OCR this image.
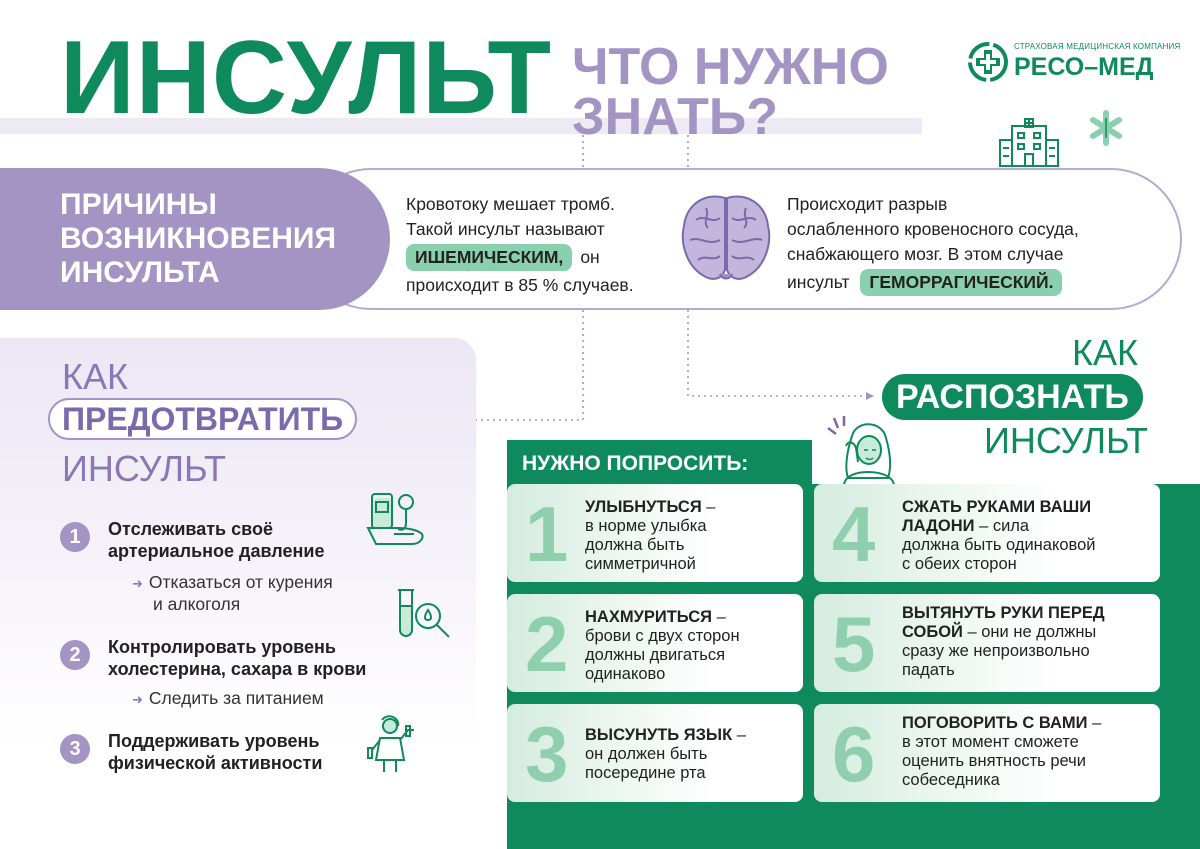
ИНСУЛЬТ ЧТО НУЖНО
ЗНАТЬ?
СТРАХОВАЯ МЕДИЦИНСКАЯ КОМПАНИЯ
РЕСО–МЕД
ПРИЧИНЫ
ВОЗНИКНОВЕНИЯ
ИНСУЛЬТА
Кровотоку мешает тромб.
Такой инсульт называют
ИШЕМИЧЕСКИМ, он
происходит в 85 % случаев.
Происходит разрыв
ослабленного кровеносного сосуда,
снабжающего мозг. В этом случае
инсульт ГЕМОРРАГИЧЕСКИЙ.
КАК
ПРЕДОТВРАТИТЬ
ИНСУЛЬТ
1	Отслеживать своё
артериальное давление
➜ Отказаться от курения
и алкоголя
2	Контролировать уровень
холестерина, сахара в крови
➜ Следить за питанием
3	Поддерживать уровень
физической активности
КАК
РАСПОЗНАТЬ
ИНСУЛЬТ
НУЖНО ПОПРОСИТЬ:
1 УЛЫБНУТЬСЯ –
в норме улыбка
должна быть
симметричной
2 НАХМУРИТЬСЯ –
брови с двух сторон
должны двигаться
одинаково
3 ВЫСУНУТЬ ЯЗЫК –
он должен быть
посередине рта
4 СЖАТЬ РУКАМИ ВАШИ
ЛАДОНИ – сила
должна быть одинаковой
с обеих сторон
5 ВЫТЯНУТЬ РУКИ ПЕРЕД
СОБОЙ – они не должны
сразу же непроизвольно
падать
6 ПОГОВОРИТЬ С ВАМИ –
в этот момент сможете
оценить внятность речи
собеседника
